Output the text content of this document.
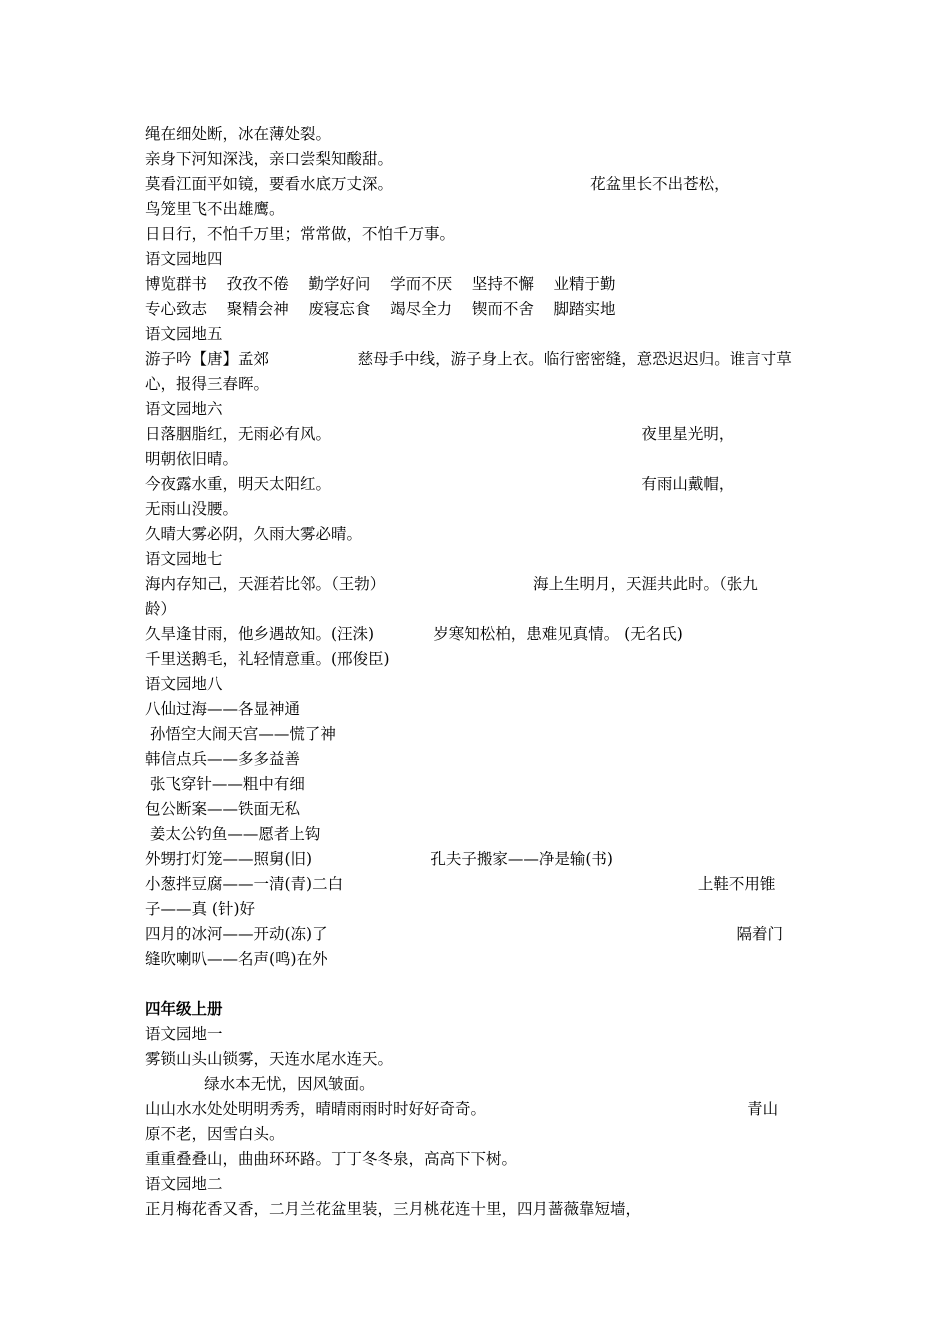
绳在细处断，冰在薄处裂。
亲身下河知深浅，亲口尝梨知酸甜。
莫看江面平如镜，要看水底万丈深。                                        花盆里长不出苍松，
鸟笼里飞不出雄鹰。
日日行，不怕千万里；常常做，不怕千万事。
语文园地四
博览群书    孜孜不倦    勤学好问    学而不厌    坚持不懈    业精于勤
专心致志    聚精会神    废寝忘食    竭尽全力    锲而不舍    脚踏实地
语文园地五
游子吟【唐】孟郊                  慈母手中线，游子身上衣。临行密密缝，意恐迟迟归。谁言寸草
心，报得三春晖。
语文园地六
日落胭脂红，无雨必有风。                                                               夜里星光明，
明朝依旧晴。
今夜露水重，明天太阳红。                                                               有雨山戴帽，
无雨山没腰。
久晴大雾必阴，久雨大雾必晴。
语文园地七
海内存知己，天涯若比邻。（王勃）                              海上生明月，天涯共此时。（张九
龄）
久旱逢甘雨，他乡遇故知。(汪洙)            岁寒知松柏，患难见真情。 (无名氏)
千里送鹅毛，礼轻情意重。(邢俊臣)
语文园地八
八仙过海——各显神通
孙悟空大闹天宫——慌了神
韩信点兵——多多益善
张飞穿针——粗中有细
包公断案——铁面无私
姜太公钓鱼——愿者上钩
外甥打灯笼——照舅(旧)                        孔夫子搬家——净是输(书)
小葱拌豆腐——一清(青)二白                                                                        上鞋不用锥
子——真 (针)好
四月的冰河——开动(冻)了                                                                                   隔着门
缝吹喇叭——名声(鸣)在外
四年级上册
语文园地一
雾锁山头山锁雾，天连水尾水连天。
绿水本无忧，因风皱面。
山山水水处处明明秀秀，晴晴雨雨时时好好奇奇。                                                     青山
原不老，因雪白头。
重重叠叠山，曲曲环环路。丁丁冬冬泉，高高下下树。
语文园地二
正月梅花香又香，二月兰花盆里装，三月桃花连十里，四月蔷薇靠短墙，
